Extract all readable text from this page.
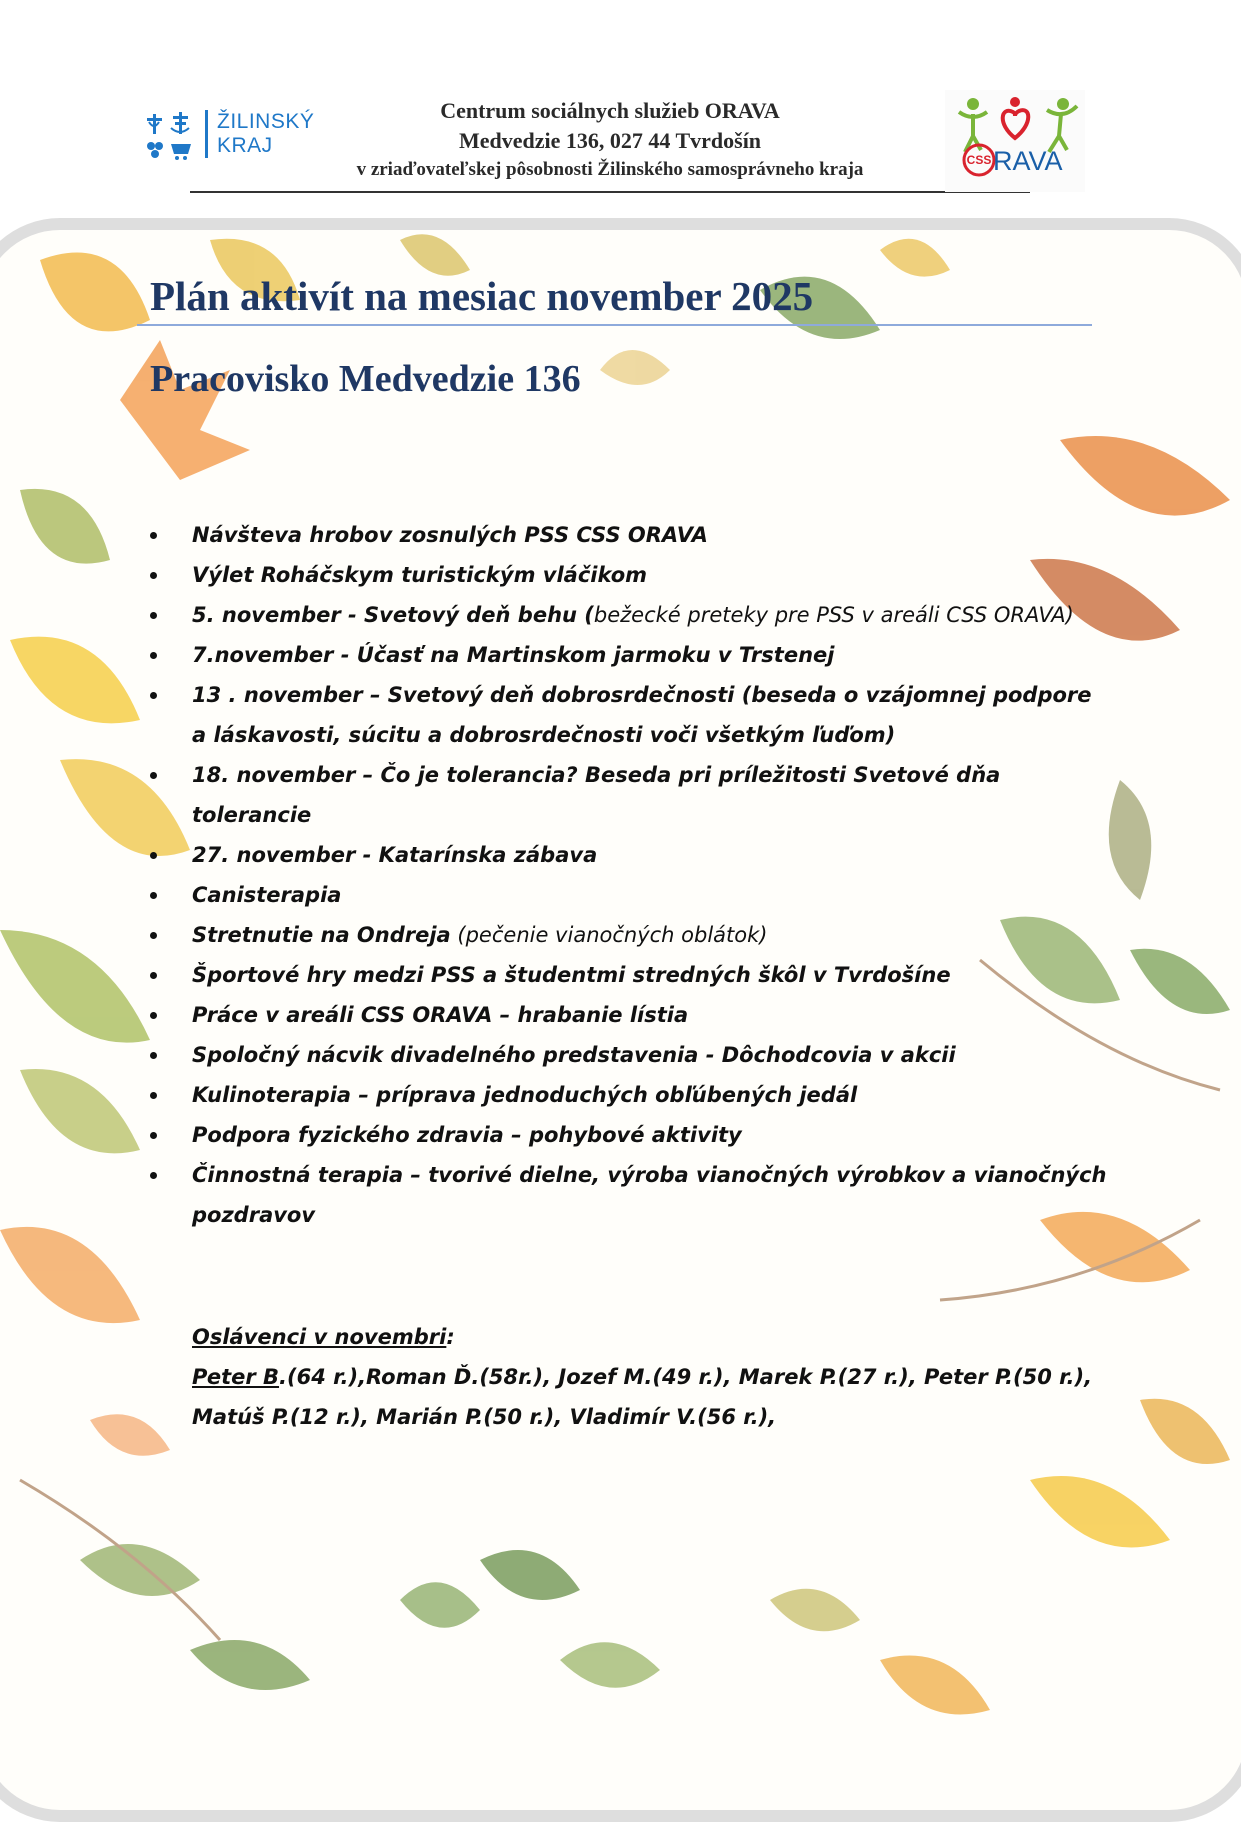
ŽILINSKÝ
KRAJ
Centrum sociálnych služieb ORAVA
Medvedzie 136, 027 44 Tvrdošín
v zriaďovateľskej pôsobnosti Žilinského samosprávneho kraja	CSS RAVA
Plán aktivít na mesiac november 2025
Pracovisko Medvedzie 136
Návšteva hrobov zosnulých PSS CSS ORAVA
Výlet Roháčskym turistickým vláčikom
5. november - Svetový deň behu (bežecké preteky pre PSS v areáli CSS ORAVA)
7.november - Účasť na Martinskom jarmoku v Trstenej
13 . november – Svetový deň dobrosrdečnosti (beseda o vzájomnej podpore a láskavosti, súcitu a dobrosrdečnosti voči všetkým ľuďom)
18. november – Čo je tolerancia? Beseda pri príležitosti Svetové dňa tolerancie
27. november - Katarínska zábava
Canisterapia
Stretnutie na Ondreja (pečenie vianočných oblátok)
Športové hry medzi PSS a študentmi stredných škôl v Tvrdošíne
Práce v areáli CSS ORAVA – hrabanie lístia
Spoločný nácvik divadelného predstavenia - Dôchodcovia v akcii
Kulinoterapia – príprava jednoduchých obľúbených jedál
Podpora fyzického zdravia – pohybové aktivity
Činnostná terapia – tvorivé dielne, výroba vianočných výrobkov a vianočných pozdravov
Oslávenci v novembri:
Peter B.(64 r.),Roman Ď.(58r.), Jozef M.(49 r.), Marek P.(27 r.), Peter P.(50 r.), Matúš P.(12 r.), Marián P.(50 r.), Vladimír V.(56 r.),
